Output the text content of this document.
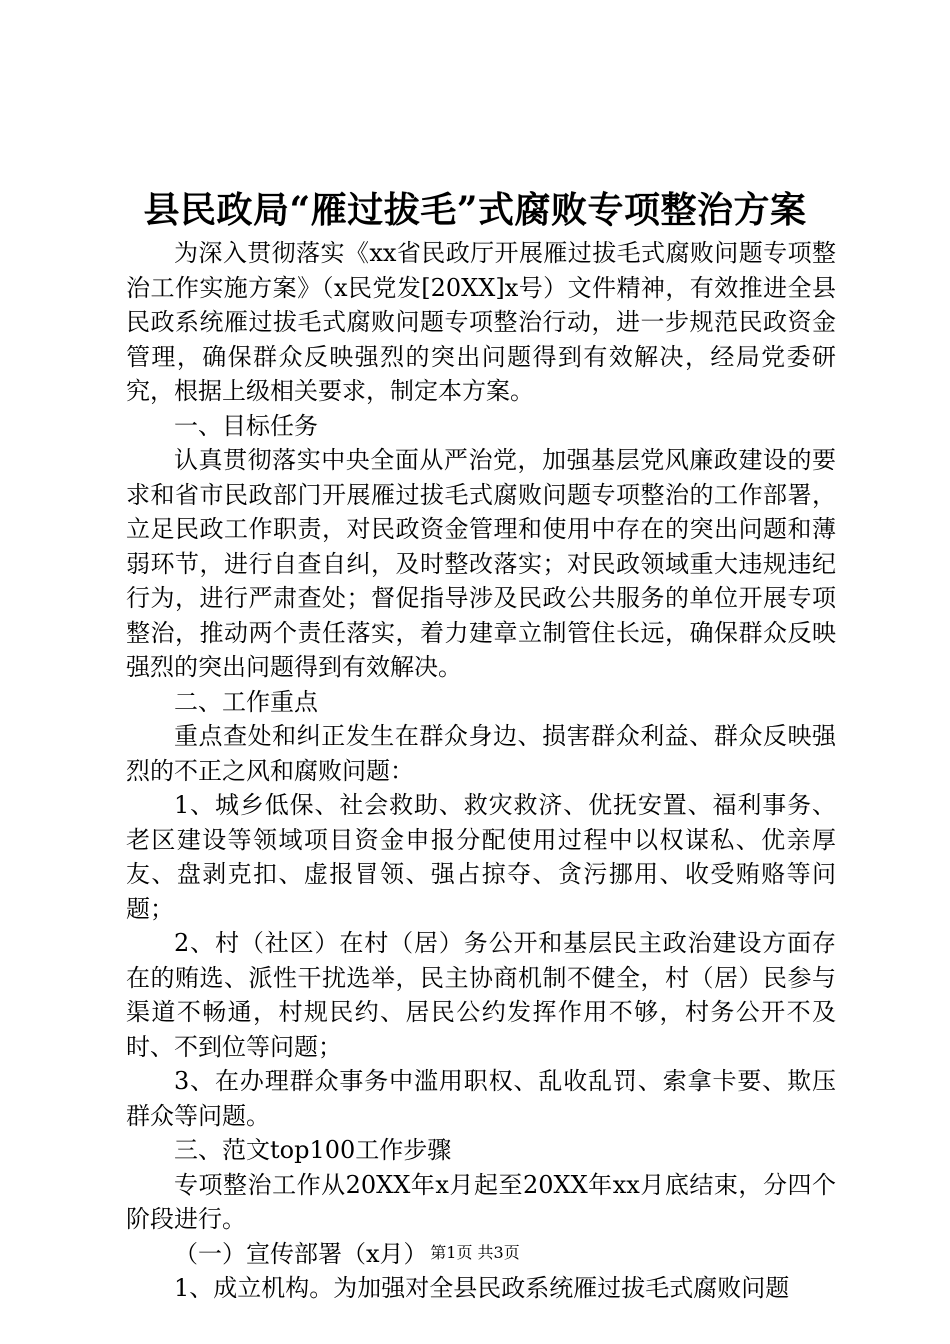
县民政局“雁过拔毛”式腐败专项整治方案

为深入贯彻落实《xx省民政厅开展雁过拔毛式腐败问题专项整治工作实施方案》（x民党发[20XX]x号）文件精神，有效推进全县民政系统雁过拔毛式腐败问题专项整治行动，进一步规范民政资金管理，确保群众反映强烈的突出问题得到有效解决，经局党委研究，根据上级相关要求，制定本方案。

一、目标任务

认真贯彻落实中央全面从严治党，加强基层党风廉政建设的要求和省市民政部门开展雁过拔毛式腐败问题专项整治的工作部署，立足民政工作职责，对民政资金管理和使用中存在的突出问题和薄弱环节，进行自查自纠，及时整改落实；对民政领域重大违规违纪行为，进行严肃查处；督促指导涉及民政公共服务的单位开展专项整治，推动两个责任落实，着力建章立制管住长远，确保群众反映强烈的突出问题得到有效解决。

二、工作重点

重点查处和纠正发生在群众身边、损害群众利益、群众反映强烈的不正之风和腐败问题：

1、城乡低保、社会救助、救灾救济、优抚安置、福利事务、老区建设等领域项目资金申报分配使用过程中以权谋私、优亲厚友、盘剥克扣、虚报冒领、强占掠夺、贪污挪用、收受贿赂等问题；

2、村（社区）在村（居）务公开和基层民主政治建设方面存在的贿选、派性干扰选举，民主协商机制不健全，村（居）民参与渠道不畅通，村规民约、居民公约发挥作用不够，村务公开不及时、不到位等问题；

3、在办理群众事务中滥用职权、乱收乱罚、索拿卡要、欺压群众等问题。

三、范文top100工作步骤

专项整治工作从20XX年x月起至20XX年xx月底结束，分四个阶段进行。

（一）宣传部署（x月）

1、成立机构。为加强对全县民政系统雁过拔毛式腐败问题

第1页 共3页
